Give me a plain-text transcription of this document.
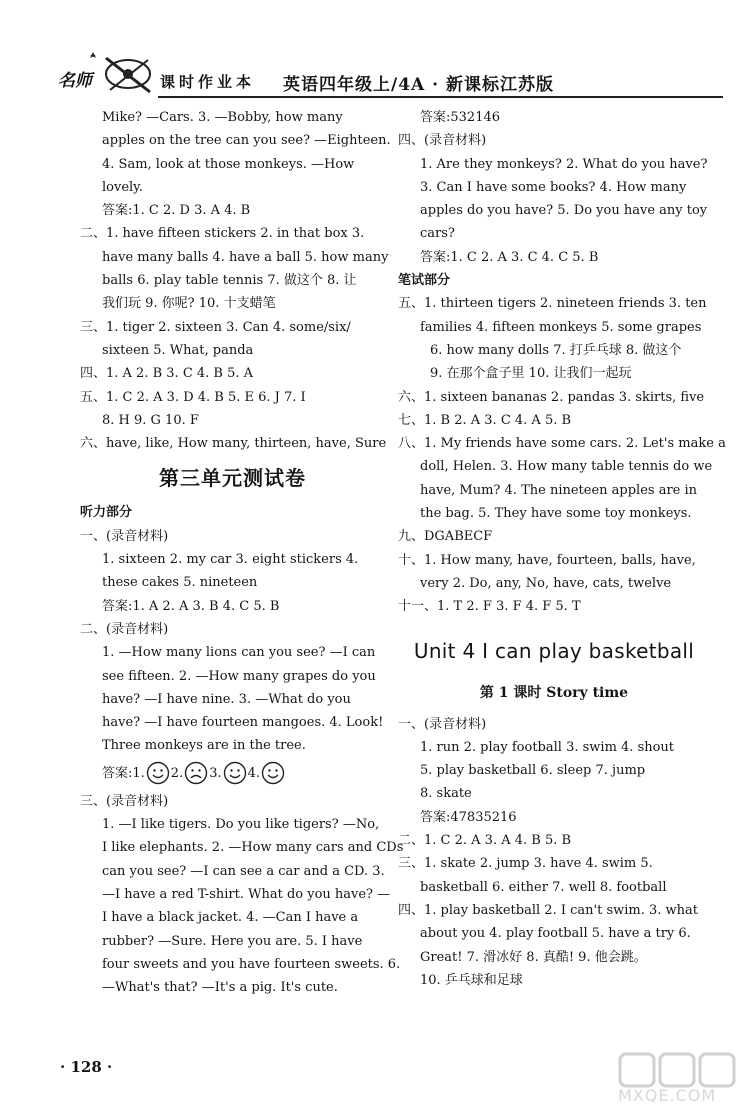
名师	课时作业本 英语四年级上/4A · 新课标江苏版
Mike? —Cars. 3. —Bobby, how many
apples on the tree can you see? —Eighteen.
4. Sam, look at those monkeys. —How
lovely.
答案:1. C 2. D 3. A 4. B
二、1. have fifteen stickers 2. in that box 3.
have many balls 4. have a ball 5. how many
balls 6. play table tennis 7. 做这个 8. 让
我们玩 9. 你呢? 10. 十支蜡笔
三、1. tiger 2. sixteen 3. Can 4. some/six/
sixteen 5. What, panda
四、1. A 2. B 3. C 4. B 5. A
五、1. C 2. A 3. D 4. B 5. E 6. J 7. I
8. H 9. G 10. F
六、have, like, How many, thirteen, have, Sure
第三单元测试卷
听力部分
一、(录音材料)
1. sixteen 2. my car 3. eight stickers 4.
these cakes 5. nineteen
答案:1. A 2. A 3. B 4. C 5. B
二、(录音材料)
1. —How many lions can you see? —I can
see fifteen. 2. —How many grapes do you
have? —I have nine. 3. —What do you
have? —I have fourteen mangoes. 4. Look!
Three monkeys are in the tree.
答案:1. 2. 3. 4.
三、(录音材料)
1. —I like tigers. Do you like tigers? —No,
I like elephants. 2. —How many cars and CDs
can you see? —I can see a car and a CD. 3.
—I have a red T-shirt. What do you have? —
I have a black jacket. 4. —Can I have a
rubber? —Sure. Here you are. 5. I have
four sweets and you have fourteen sweets. 6.
—What's that? —It's a pig. It's cute.
答案:532146
四、(录音材料)
1. Are they monkeys? 2. What do you have?
3. Can I have some books? 4. How many
apples do you have? 5. Do you have any toy
cars?
答案:1. C 2. A 3. C 4. C 5. B
笔试部分
五、1. thirteen tigers 2. nineteen friends 3. ten
families 4. fifteen monkeys 5. some grapes
6. how many dolls 7. 打乒乓球 8. 做这个
9. 在那个盒子里 10. 让我们一起玩
六、1. sixteen bananas 2. pandas 3. skirts, five
七、1. B 2. A 3. C 4. A 5. B
八、1. My friends have some cars. 2. Let's make a
doll, Helen. 3. How many table tennis do we
have, Mum? 4. The nineteen apples are in
the bag. 5. They have some toy monkeys.
九、DGABECF
十、1. How many, have, fourteen, balls, have,
very 2. Do, any, No, have, cats, twelve
十一、1. T 2. F 3. F 4. F 5. T
Unit 4 I can play basketball
第 1 课时 Story time
一、(录音材料)
1. run 2. play football 3. swim 4. shout
5. play basketball 6. sleep 7. jump
8. skate
答案:47835216
二、1. C 2. A 3. A 4. B 5. B
三、1. skate 2. jump 3. have 4. swim 5.
basketball 6. either 7. well 8. football
四、1. play basketball 2. I can't swim. 3. what
about you 4. play football 5. have a try 6.
Great! 7. 滑冰好 8. 真酷! 9. 他会跳。
10. 乒乓球和足球
· 128 ·
MXQE.COM
